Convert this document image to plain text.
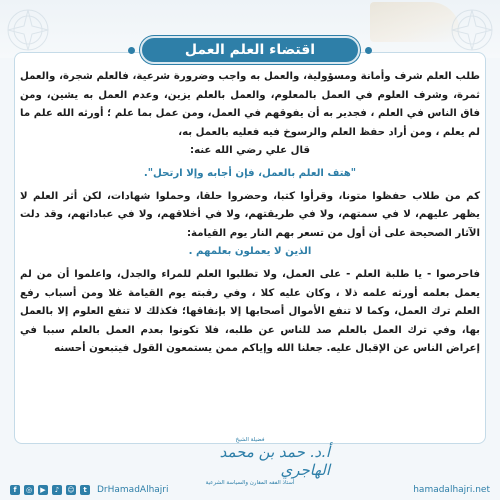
اقتضاء العلم العمل

طلب العلم شرف وأمانة ومسؤولية، والعمل به واجب وضرورة شرعية، فالعلم شجرة، والعمل ثمرة، وشرف العلوم في العمل بالمعلوم، والعمل بالعلم يزين، وعدم العمل به يشين، ومن فاق الناس في العلم ، فجدير به أن يفوقهم في العمل، ومن عمل بما علم ؛ أورثه الله علم ما لم يعلم ، ومن أراد حفظ العلم والرسوخ فيه فعليه بالعمل به،

قال علي رضي الله عنه:

"هتف العلم بالعمل، فإن أجابه وإلا ارتحل".

كم من طلاب حفظوا متونا، وقرأوا كتبا، وحضروا حلقا، وحملوا شهادات، لكن أثر العلم لا يظهر عليهم، لا في سمتهم، ولا في طريقتهم، ولا في أخلاقهم، ولا في عباداتهم، وقد دلت الآثار الصحيحة على أن أول من تسعر بهم النار يوم القيامة:

الذين لا يعملون بعلمهم .

فاحرصوا - يا طلبة العلم - على العمل، ولا تطلبوا العلم للمراء والجدل، واعلموا أن من لم يعمل بعلمه أورثه علمه ذلا ، وكان عليه كلا ، وفي رقبته يوم القيامة غلا ومن أسباب رفع العلم ترك العمل، وكما لا تنفع الأموال أصحابها إلا بإنفاقها؛ فكذلك لا تنفع العلوم إلا بالعمل بها، وفي ترك العمل بالعلم صد للناس عن طلبه، فلا تكونوا بعدم العمل بالعلم سببا في إعراض الناس عن الإقبال عليه. جعلنا الله وإياكم ممن يستمعون القول فيتبعون أحسنه

فضيلة الشيخ
أ.د. حمد بن محمد الهاجري
أستاذ الفقه المقارن والسياسة الشرعية
f	◎	▶	♪	☺	t	DrHamadAlhajri	hamadalhajri.net
